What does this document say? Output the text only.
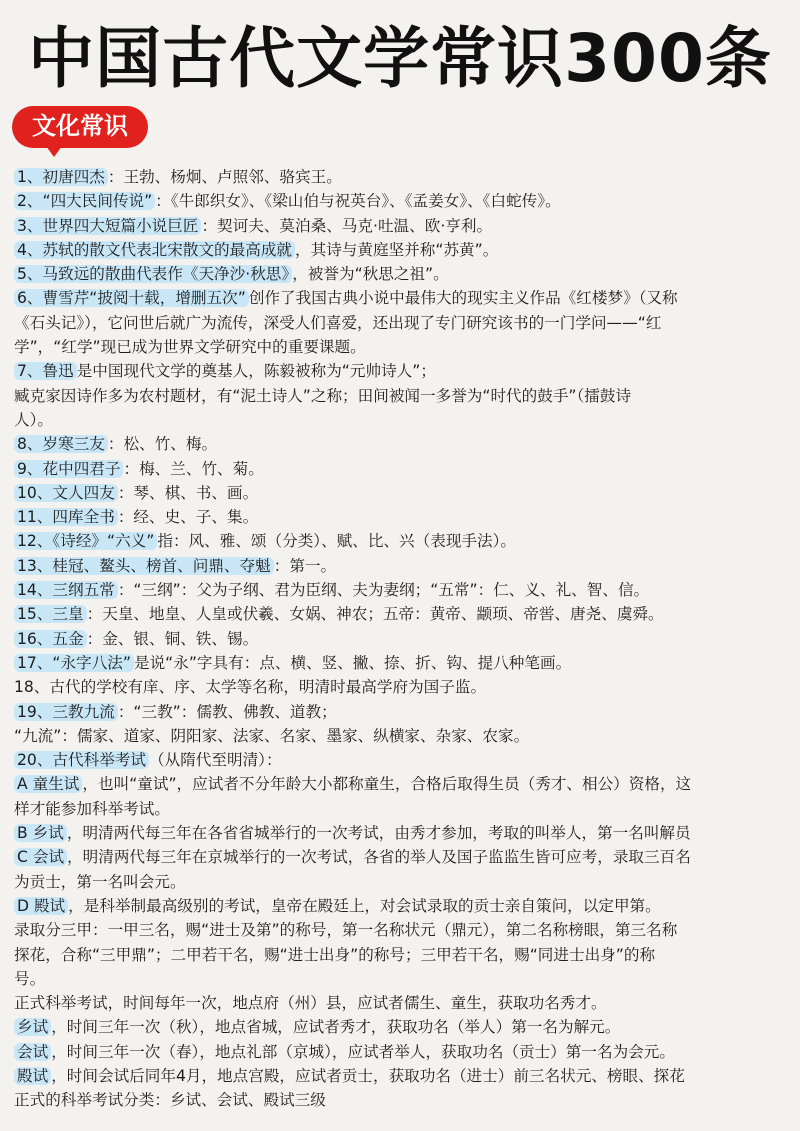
中国古代文学常识300条
文化常识
1、初唐四杰 ：王勃、杨炯、卢照邻、骆宾王。
2、“四大民间传说” ：《牛郎织女》、《梁山伯与祝英台》、《孟姜女》、《白蛇传》。
3、世界四大短篇小说巨匠 ：契诃夫、莫泊桑、马克·吐温、欧·亨利。
4、苏轼的散文代表北宋散文的最高成就 ，其诗与黄庭坚并称“苏黄”。
5、马致远的散曲代表作《天净沙·秋思》 ，被誉为“秋思之祖”。
6、曹雪芹“披阅十载，增删五次” 创作了我国古典小说中最伟大的现实主义作品《红楼梦》（又称
《石头记》），它问世后就广为流传，深受人们喜爱，还出现了专门研究该书的一门学问——“红
学”，“红学”现已成为世界文学研究中的重要课题。
7、鲁迅 是中国现代文学的奠基人，陈毅被称为“元帅诗人”；
臧克家因诗作多为农村题材，有“泥土诗人”之称；田间被闻一多誉为“时代的鼓手”（擂鼓诗
人）。
8、岁寒三友 ：松、竹、梅。
9、花中四君子 ：梅、兰、竹、菊。
10、文人四友 ：琴、棋、书、画。
11、四库全书 ：经、史、子、集。
12、《诗经》“六义” 指：风、雅、颂（分类）、赋、比、兴（表现手法）。
13、桂冠、鳌头、榜首、问鼎、夺魁 ：第一。
14、三纲五常 ：“三纲”：父为子纲、君为臣纲、夫为妻纲；“五常”：仁、义、礼、智、信。
15、三皇 ：天皇、地皇、人皇或伏羲、女娲、神农；五帝：黄帝、颛顼、帝喾、唐尧、虞舜。
16、五金 ：金、银、铜、铁、锡。
17、“永字八法” 是说“永”字具有：点、横、竖、撇、捺、折、钩、提八种笔画。
18、古代的学校有庠、序、太学等名称，明清时最高学府为国子监。
19、三教九流 ：“三教”：儒教、佛教、道教；
“九流”：儒家、道家、阴阳家、法家、名家、墨家、纵横家、杂家、农家。
20、古代科举考试 （从隋代至明清）：
A 童生试 ，也叫“童试”，应试者不分年龄大小都称童生，合格后取得生员（秀才、相公）资格，这
样才能参加科举考试。
B 乡试 ，明清两代每三年在各省省城举行的一次考试，由秀才参加，考取的叫举人，第一名叫解员
C 会试 ，明清两代每三年在京城举行的一次考试，各省的举人及国子监监生皆可应考，录取三百名
为贡士，第一名叫会元。
D 殿试 ，是科举制最高级别的考试，皇帝在殿廷上，对会试录取的贡士亲自策问，以定甲第。
录取分三甲：一甲三名，赐“进士及第”的称号，第一名称状元（鼎元），第二名称榜眼，第三名称
探花，合称“三甲鼎”；二甲若干名，赐“进士出身”的称号；三甲若干名，赐“同进士出身”的称
号。
正式科举考试，时间每年一次，地点府（州）县，应试者儒生、童生，获取功名秀才。
乡试 ，时间三年一次（秋），地点省城，应试者秀才，获取功名（举人）第一名为解元。
会试 ，时间三年一次（春），地点礼部（京城），应试者举人，获取功名（贡士）第一名为会元。
殿试 ，时间会试后同年4月，地点宫殿，应试者贡士，获取功名（进士）前三名状元、榜眼、探花
正式的科举考试分类：乡试、会试、殿试三级
